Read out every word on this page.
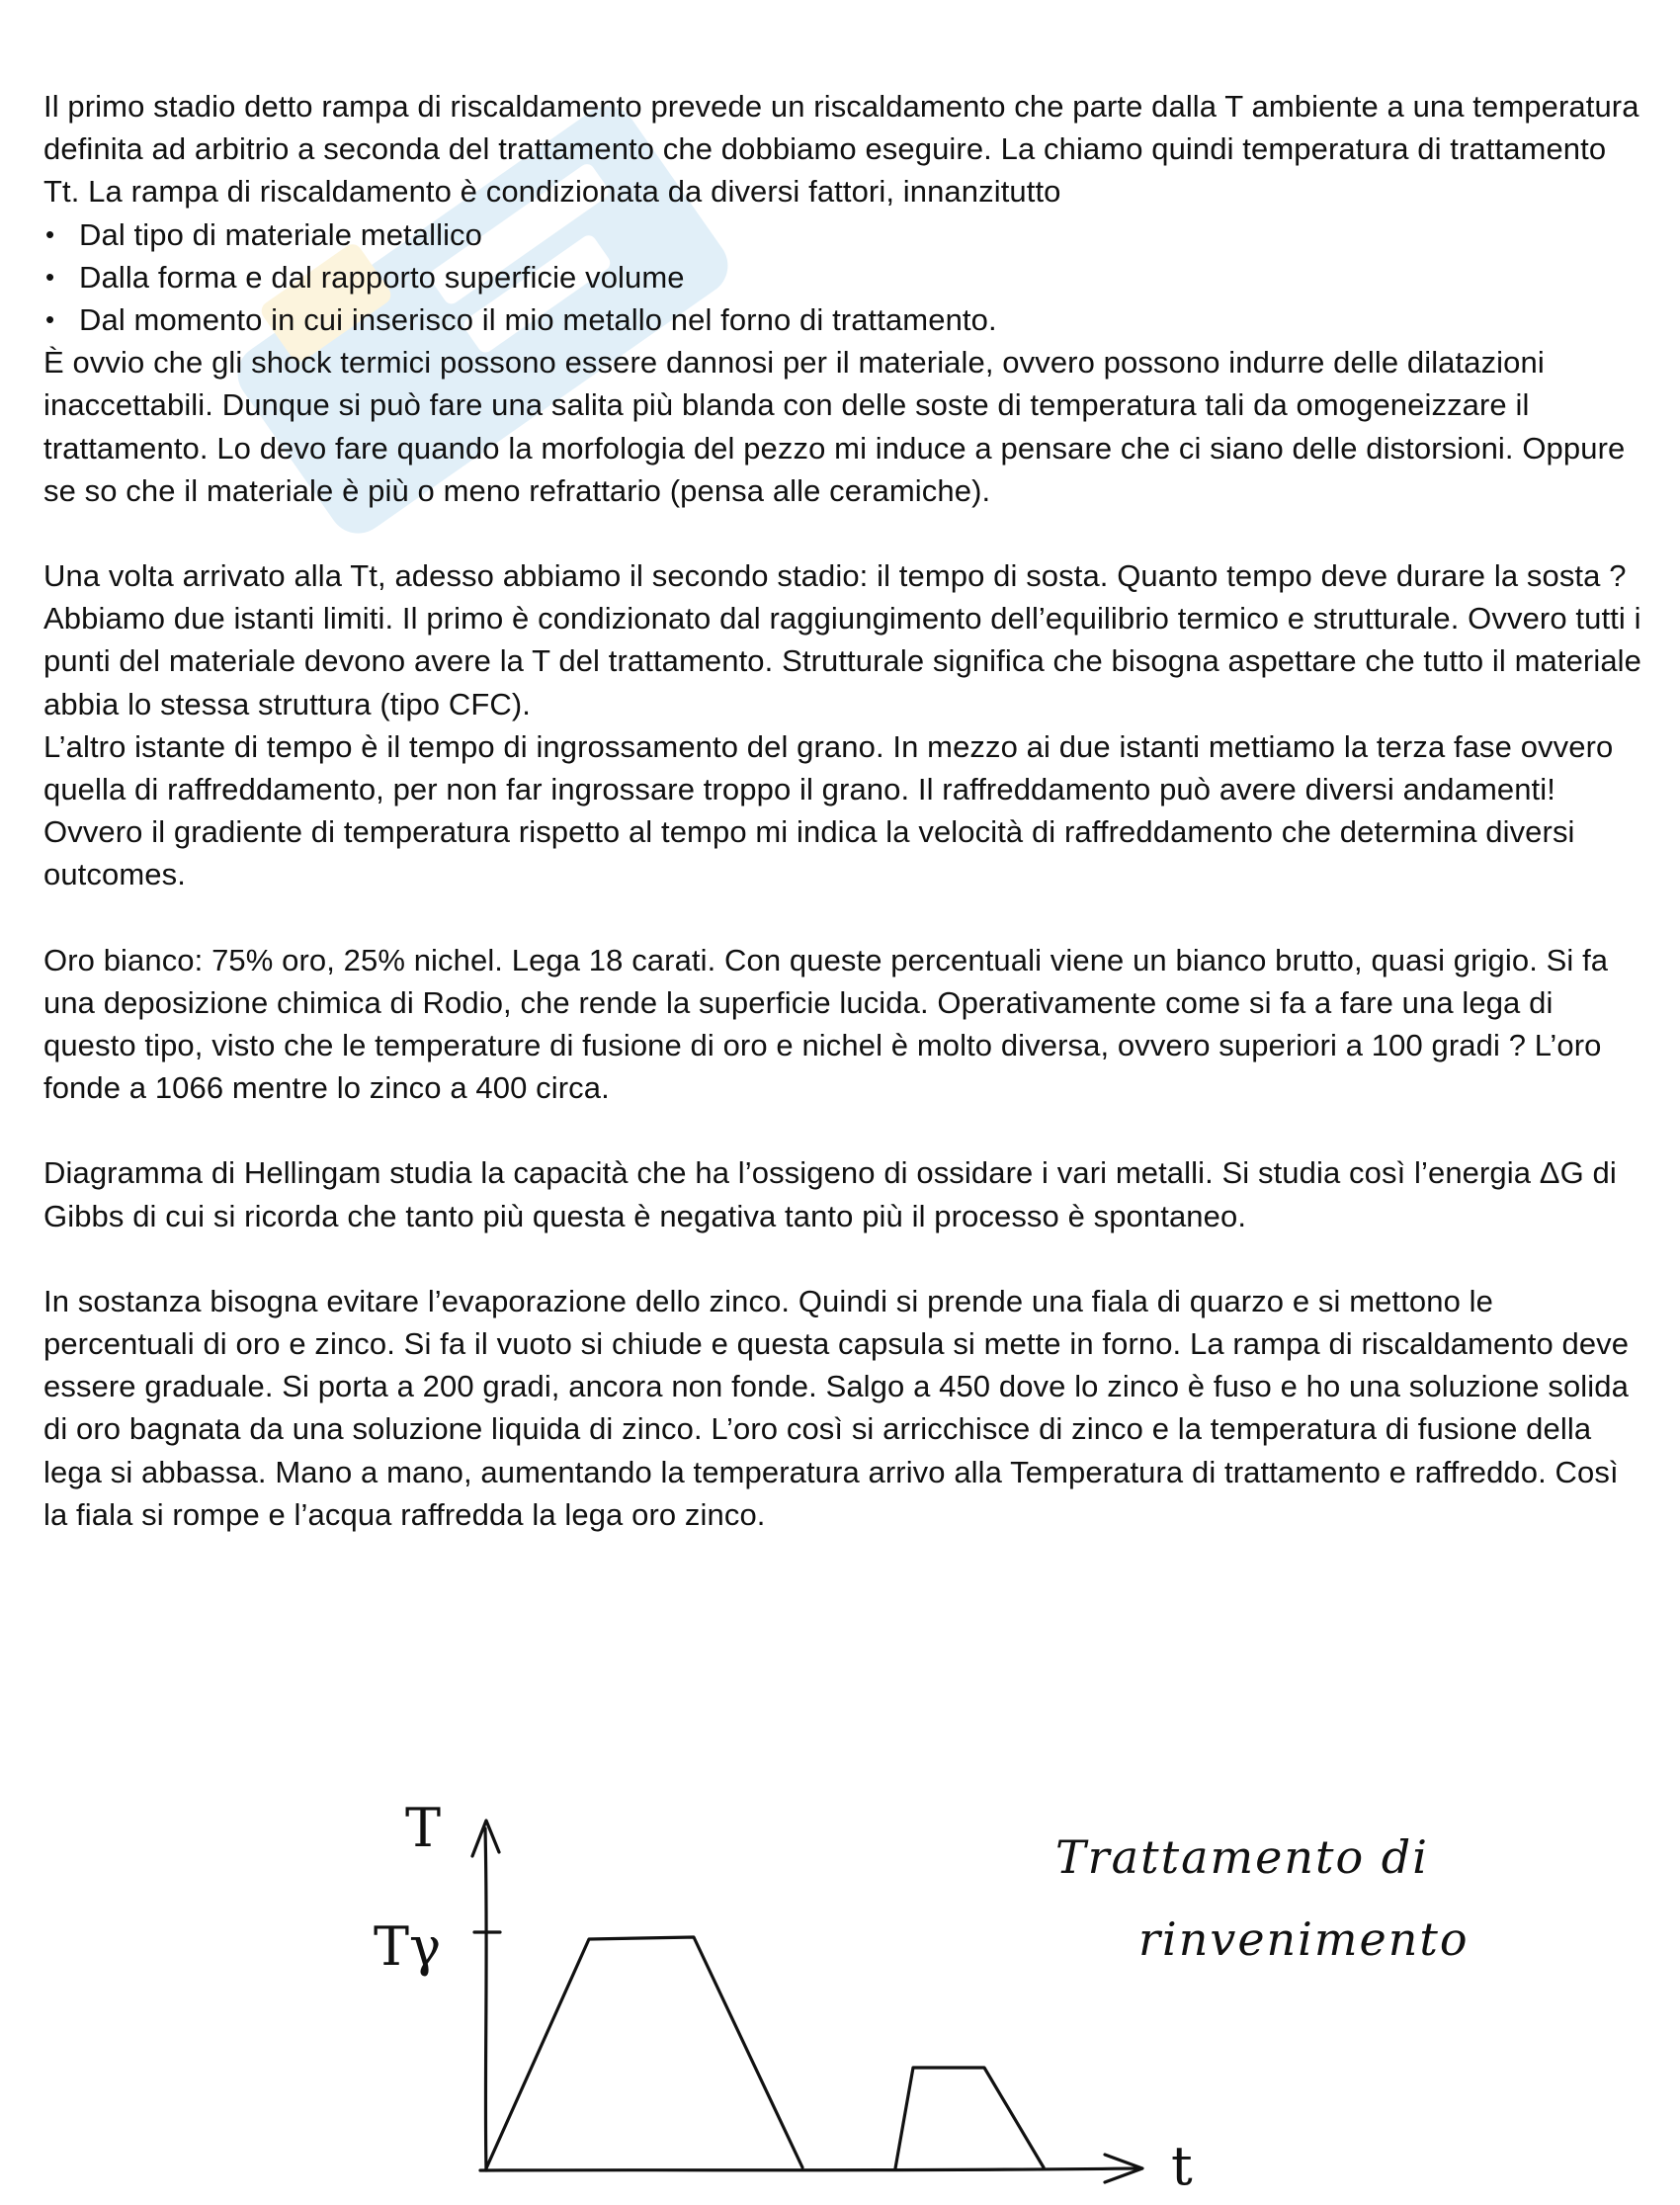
Il primo stadio detto rampa di riscaldamento prevede un riscaldamento che parte dalla T ambiente a una temperatura definita ad arbitrio a seconda del trattamento che dobbiamo eseguire. La chiamo quindi temperatura di trattamento Tt. La rampa di riscaldamento è condizionata da diversi fattori, innanzitutto

• Dal tipo di materiale metallico
• Dalla forma e dal rapporto superficie volume
• Dal momento in cui inserisco il mio metallo nel forno di trattamento.

È ovvio che gli shock termici possono essere dannosi per il materiale, ovvero possono indurre delle dilatazioni inaccettabili. Dunque si può fare una salita più blanda con delle soste di temperatura tali da omogeneizzare il trattamento. Lo devo fare quando la morfologia del pezzo mi induce a pensare che ci siano delle distorsioni. Oppure se so che il materiale è più o meno refrattario (pensa alle ceramiche).

Una volta arrivato alla Tt, adesso abbiamo il secondo stadio: il tempo di sosta. Quanto tempo deve durare la sosta ? Abbiamo due istanti limiti. Il primo è condizionato dal raggiungimento dell’equilibrio termico e strutturale. Ovvero tutti i punti del materiale devono avere la T del trattamento. Strutturale significa che bisogna aspettare che tutto il materiale abbia lo stessa struttura (tipo CFC).

L’altro istante di tempo è il tempo di ingrossamento del grano. In mezzo ai due istanti mettiamo la terza fase ovvero quella di raffreddamento, per non far ingrossare troppo il grano. Il raffreddamento può avere diversi andamenti! Ovvero il gradiente di temperatura rispetto al tempo mi indica la velocità di raffreddamento che determina diversi outcomes.

Oro bianco: 75% oro, 25% nichel. Lega 18 carati. Con queste percentuali viene un bianco brutto, quasi grigio. Si fa una deposizione chimica di Rodio, che rende la superficie lucida. Operativamente come si fa a fare una lega di questo tipo, visto che le temperature di fusione di oro e nichel è molto diversa, ovvero superiori a 100 gradi ? L’oro fonde a 1066 mentre lo zinco a 400 circa.

Diagramma di Hellingam studia la capacità che ha l’ossigeno di ossidare i vari metalli. Si studia così l’energia ΔG di Gibbs di cui si ricorda che tanto più questa è negativa tanto più il processo è spontaneo.

In sostanza bisogna evitare l’evaporazione dello zinco. Quindi si prende una fiala di quarzo e si mettono le percentuali di oro e zinco. Si fa il vuoto si chiude e questa capsula si mette in forno. La rampa di riscaldamento deve essere graduale. Si porta a 200 gradi, ancora non fonde. Salgo a 450 dove lo zinco è fuso e ho una soluzione solida di oro bagnata da una soluzione liquida di zinco. L’oro così si arricchisce di zinco e la temperatura di fusione della lega si abbassa. Mano a mano, aumentando la temperatura arrivo alla Temperatura di trattamento e raffreddo. Così la fiala si rompe e l’acqua raffredda la lega oro zinco.

T
Tγ
t
Trattamento di
rinvenimento
